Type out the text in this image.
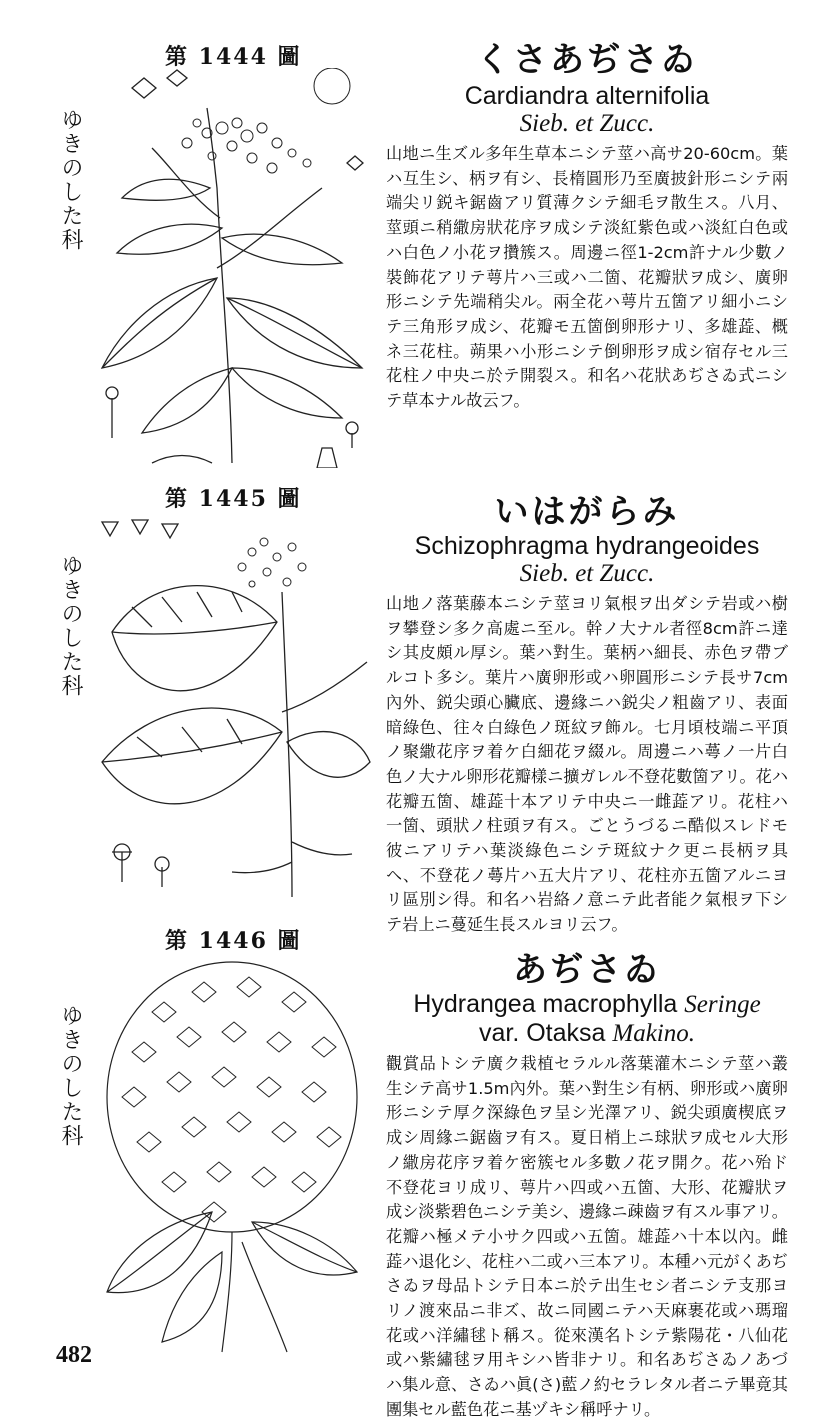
第 1444 圖
ゆきのした科
くさあぢさゐ
Cardiandra alternifolia
Sieb. et Zucc.
山地ニ生ズル多年生草本ニシテ莖ハ高サ20-60cm。葉ハ互生シ、柄ヲ有シ、長楕圓形乃至廣披針形ニシテ兩端尖リ鋭キ鋸齒アリ質薄クシテ細毛ヲ散生ス。八月、莖頭ニ稍繖房狀花序ヲ成シテ淡紅紫色或ハ淡紅白色或ハ白色ノ小花ヲ攢簇ス。周邊ニ徑1-2cm許ナル少數ノ裝飾花アリテ萼片ハ三或ハ二箇、花瓣狀ヲ成シ、廣卵形ニシテ先端稍尖ル。兩全花ハ萼片五箇アリ細小ニシテ三角形ヲ成シ、花瓣モ五箇倒卵形ナリ、多雄蕋、概ネ三花柱。蒴果ハ小形ニシテ倒卵形ヲ成シ宿存セル三花柱ノ中央ニ於テ開裂ス。和名ハ花狀あぢさゐ式ニシテ草本ナル故云フ。
第 1445 圖
ゆきのした科
いはがらみ
Schizophragma hydrangeoides
Sieb. et Zucc.
山地ノ落葉藤本ニシテ莖ヨリ氣根ヲ出ダシテ岩或ハ樹ヲ攀登シ多ク高處ニ至ル。幹ノ大ナル者徑8cm許ニ達シ其皮頗ル厚シ。葉ハ對生。葉柄ハ細長、赤色ヲ帶ブルコト多シ。葉片ハ廣卵形或ハ卵圓形ニシテ長サ7cm內外、鋭尖頭心臟底、邊緣ニハ鋭尖ノ粗齒アリ、表面暗綠色、往々白綠色ノ斑紋ヲ飾ル。七月頃枝端ニ平頂ノ聚繖花序ヲ着ケ白細花ヲ綴ル。周邊ニハ蕚ノ一片白色ノ大ナル卵形花瓣樣ニ擴ガレル不登花數箇アリ。花ハ花瓣五箇、雄蕋十本アリテ中央ニ一雌蕋アリ。花柱ハ一箇、頭狀ノ柱頭ヲ有ス。ごとうづるニ酷似スレドモ彼ニアリテハ葉淡綠色ニシテ斑紋ナク更ニ長柄ヲ具ヘ、不登花ノ蕚片ハ五大片アリ、花柱亦五箇アルニヨリ區別シ得。和名ハ岩絡ノ意ニテ此者能ク氣根ヲ下シテ岩上ニ蔓延生長スルヨリ云フ。
第 1446 圖
ゆきのした科
あぢさゐ
Hydrangea macrophylla Seringe
var. Otaksa Makino.
觀賞品トシテ廣ク栽植セラルル落葉灌木ニシテ莖ハ叢生シテ高サ1.5m內外。葉ハ對生シ有柄、卵形或ハ廣卵形ニシテ厚ク深綠色ヲ呈シ光澤アリ、鋭尖頭廣楔底ヲ成シ周緣ニ鋸齒ヲ有ス。夏日梢上ニ球狀ヲ成セル大形ノ繖房花序ヲ着ケ密簇セル多數ノ花ヲ開ク。花ハ殆ド不登花ヨリ成リ、萼片ハ四或ハ五箇、大形、花瓣狀ヲ成シ淡紫碧色ニシテ美シ、邊緣ニ疎齒ヲ有スル事アリ。花瓣ハ極メテ小サク四或ハ五箇。雄蕋ハ十本以內。雌蕋ハ退化シ、花柱ハ二或ハ三本アリ。本種ハ元がくあぢさゐヲ母品トシテ日本ニ於テ出生セシ者ニシテ支那ヨリノ渡來品ニ非ズ、故ニ同國ニテハ天麻裹花或ハ瑪瑠花或ハ洋繡毬ト稱ス。從來漢名トシテ紫陽花・八仙花或ハ紫繡毬ヲ用キシハ皆非ナリ。和名あぢさゐノあづハ集ル意、さゐハ眞(さ)藍ノ約セラレタル者ニテ畢竟其團集セル藍色花ニ基ヅキシ稱呼ナリ。
482
